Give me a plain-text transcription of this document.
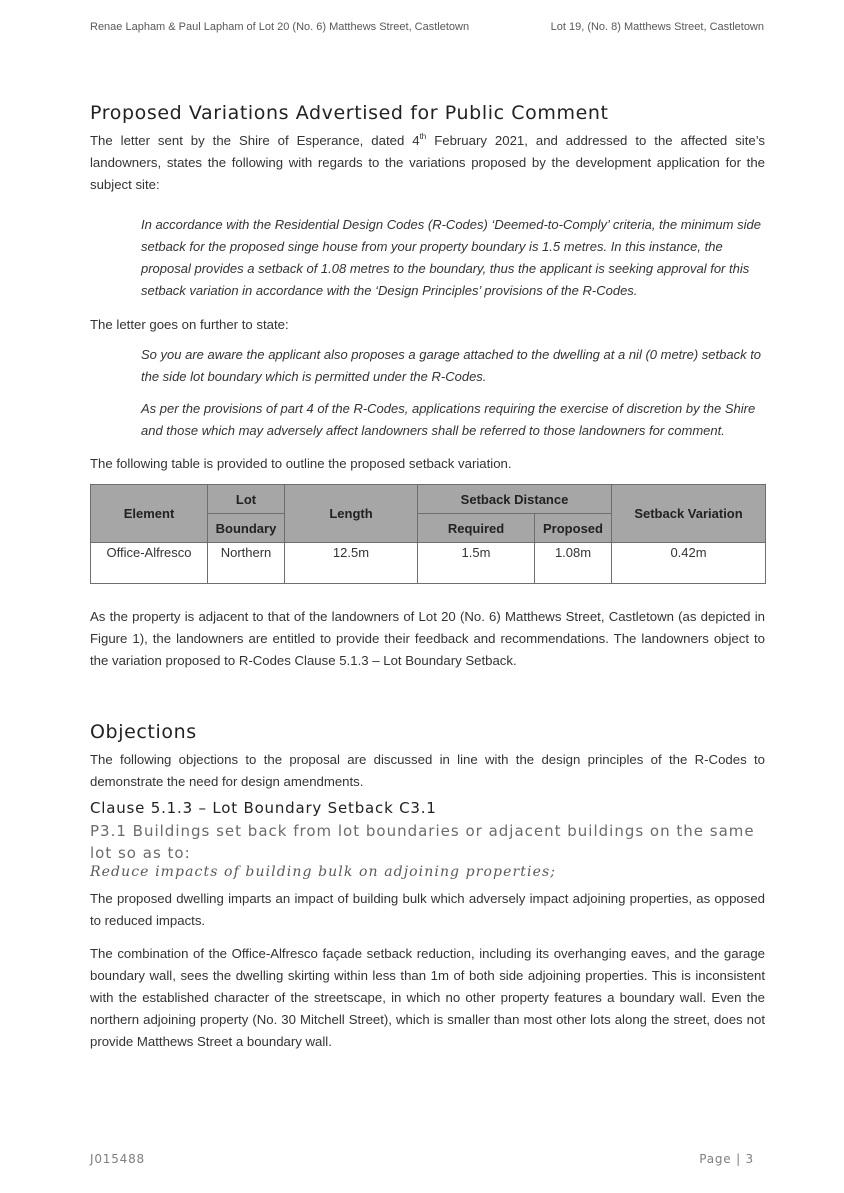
Renae Lapham & Paul Lapham of Lot 20 (No. 6) Matthews Street, Castletown	Lot 19, (No. 8) Matthews Street, Castletown
Proposed Variations Advertised for Public Comment

The letter sent by the Shire of Esperance, dated 4th February 2021, and addressed to the affected site’s landowners, states the following with regards to the variations proposed by the development application for the subject site:

In accordance with the Residential Design Codes (R-Codes) ‘Deemed-to-Comply’ criteria, the minimum side setback for the proposed singe house from your property boundary is 1.5 metres. In this instance, the proposal provides a setback of 1.08 metres to the boundary, thus the applicant is seeking approval for this setback variation in accordance with the ‘Design Principles’ provisions of the R-Codes.

The letter goes on further to state:

So you are aware the applicant also proposes a garage attached to the dwelling at a nil (0 metre) setback to the side lot boundary which is permitted under the R-Codes.

As per the provisions of part 4 of the R-Codes, applications requiring the exercise of discretion by the Shire and those which may adversely affect landowners shall be referred to those landowners for comment.

The following table is provided to outline the proposed setback variation.

Element	Lot	Length	Setback Distance		Setback Variation
	Boundary		Required	Proposed	
Office-Alfresco	Northern	12.5m	1.5m	1.08m	0.42m

As the property is adjacent to that of the landowners of Lot 20 (No. 6) Matthews Street, Castletown (as depicted in Figure 1), the landowners are entitled to provide their feedback and recommendations. The landowners object to the variation proposed to R-Codes Clause 5.1.3 – Lot Boundary Setback.

Objections

The following objections to the proposal are discussed in line with the design principles of the R-Codes to demonstrate the need for design amendments.

Clause 5.1.3 – Lot Boundary Setback C3.1
P3.1 Buildings set back from lot boundaries or adjacent buildings on the same lot so as to:
Reduce impacts of building bulk on adjoining properties;

The proposed dwelling imparts an impact of building bulk which adversely impact adjoining properties, as opposed to reduced impacts.

The combination of the Office-Alfresco façade setback reduction, including its overhanging eaves, and the garage boundary wall, sees the dwelling skirting within less than 1m of both side adjoining properties. This is inconsistent with the established character of the streetscape, in which no other property features a boundary wall. Even the northern adjoining property (No. 30 Mitchell Street), which is smaller than most other lots along the street, does not provide Matthews Street a boundary wall.

J015488	Page | 3
